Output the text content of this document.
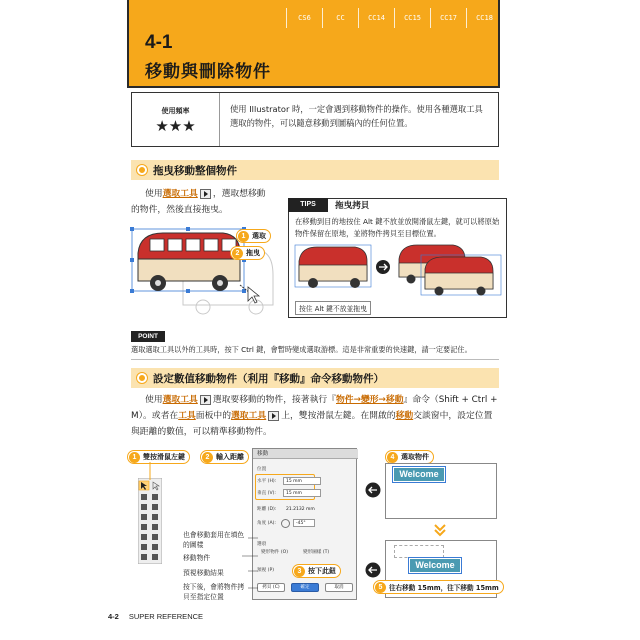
CS6	CC	CC14	CC15	CC17	CC18
4-1
移動與刪除物件
使用頻率
★★★
使用 Illustrator 時，一定會遇到移動物件的操作。使用各種選取工具選取的物件，可以隨意移動到圖稿內的任何位置。
拖曳移動整個物件
使用選取工具 ，選取想移動的物件，然後直接拖曳。
1 選取
2 拖曳
TIPS	拖曳拷貝
在移動到目的地按住 Alt 鍵不放並放開滑鼠左鍵，就可以將原始物件保留在原地，並將物件拷貝至目標位置。
按住 Alt 鍵不放並拖曳
POINT
選取選取工具以外的工具時，按下 Ctrl 鍵，會暫時變成選取游標。這是非常重要的快速鍵，請一定要記住。
設定數值移動物件（利用『移動』命令移動物件）
使用選取工具 選取要移動的物件，接著執行『物件→變形→移動』命令（Shift + Ctrl + M）。或者在工具面板中的選取工具 上，雙按滑鼠左鍵。在開啟的移動交談窗中，設定位置與距離的數值，可以精準移動物件。
1 雙按滑鼠左鍵	2 輸入距離	移動
位置
水平 (H):	15 mm
垂直 (V):	15 mm
距離 (D):	21.2132 mm
角度 (A):	-45°
選項
變形物件 (O)	變形圖樣 (T)
預視 (P)
拷貝 (C)	確定	取消
3 按下此鈕
也會移動套用在填色的圖樣
移動物件
預視移動結果
按下後，會將物件拷貝至指定位置
4 選取物件
Welcome
Welcome
5 往右移動 15mm，往下移動 15mm
4-2 SUPER REFERENCE
